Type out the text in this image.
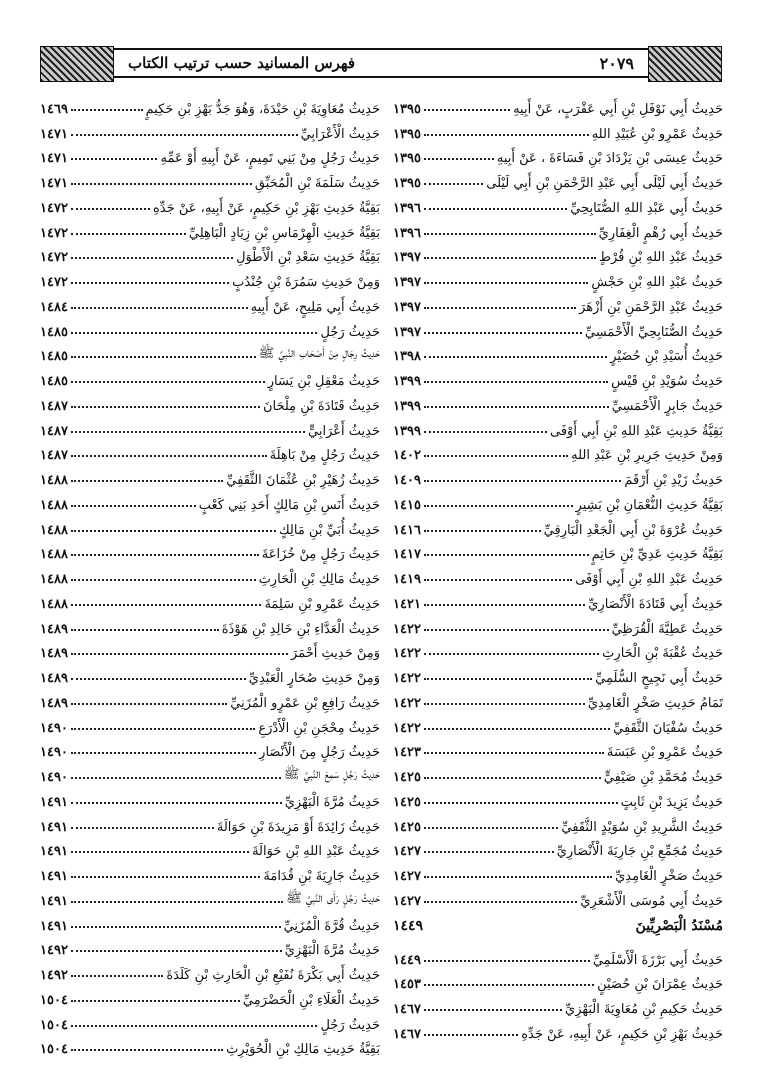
فهرس المسانيد حسب ترتيب الكتاب	٢٠٧٩
حَدِيثُ أَبِي نَوْفَلِ بْنِ أَبِي عَقْرَبٍ، عَنْ أَبِيهِ
١٣٩٥
حَدِيثُ عَمْرِو بْنِ عُبَيْدِ اللهِ
١٣٩٥
حَدِيثُ عِيسَى بْنِ يَزْدَادَ بْنِ فَسَاءَةَ ، عَنْ أَبِيهِ
١٣٩٥
حَدِيثُ أَبِي لَيْلَى أَبِي عَبْدِ الرَّحْمَنِ بْنِ أَبِي لَيْلَى
١٣٩٥
حَدِيثُ أَبِي عَبْدِ اللهِ الصُّنَابِحِيِّ
١٣٩٦
حَدِيثُ أَبِي رُهْمٍ الْغِفَارِيِّ
١٣٩٦
حَدِيثُ عَبْدِ اللهِ بْنِ قُرْطٍ
١٣٩٧
حَدِيثُ عَبْدِ اللهِ بْنِ حَجْشٍ
١٣٩٧
حَدِيثُ عَبْدِ الرَّحْمَنِ بْنِ أَزْهَرَ
١٣٩٧
حَدِيثُ الصُّنَابِحِيِّ الْأَحْمَسِيِّ
١٣٩٧
حَدِيثُ أُسَيْدِ بْنِ حُضَيْرٍ
١٣٩٨
حَدِيثُ سُوَيْدِ بْنِ قَيْسٍ
١٣٩٩
حَدِيثُ جَابِرٍ الْأَحْمَسِيِّ
١٣٩٩
بَقِيَّةُ حَدِيثِ عَبْدِ اللهِ بْنِ أَبِي أَوْفَى
١٣٩٩
وَمِنْ حَدِيثِ جَرِيرِ بْنِ عَبْدِ اللهِ
١٤٠٢
حَدِيثُ زَيْدِ بْنِ أَرْقَمَ
١٤٠٩
بَقِيَّةُ حَدِيثِ النُّعْمَانِ بْنِ بَشِيرٍ
١٤١٥
حَدِيثُ عُرْوَةَ بْنِ أَبِي الْجَعْدِ الْبَارِقِيِّ
١٤١٦
بَقِيَّةُ حَدِيثِ عَدِيِّ بْنِ حَاتِمٍ
١٤١٧
حَدِيثُ عَبْدِ اللهِ بْنِ أَبِي أَوْفَى
١٤١٩
حَدِيثُ أَبِي قَتَادَةَ الْأَنْصَارِيِّ
١٤٢١
حَدِيثُ عَطِيَّةَ الْقُرَظِيِّ
١٤٢٢
حَدِيثُ عُقْبَةَ بْنِ الْحَارِثِ
١٤٢٢
حَدِيثُ أَبِي نَجِيحٍ السُّلَمِيِّ
١٤٢٢
تَمَامُ حَدِيثِ صَخْرٍ الْغَامِدِيِّ
١٤٢٢
حَدِيثُ سُفْيَانَ الثَّقَفِيِّ
١٤٢٢
حَدِيثُ عَمْرِو بْنِ عَبَسَةَ
١٤٢٣
حَدِيثُ مُحَمَّدِ بْنِ صَيْفِيٍّ
١٤٢٥
حَدِيثُ يَزِيدَ بْنِ ثَابِتٍ
١٤٢٥
حَدِيثُ الشَّرِيدِ بْنِ سُوَيْدٍ الثَّقَفِيِّ
١٤٢٥
حَدِيثُ مُجَمِّعِ بْنِ جَارِيَةَ الْأَنْصَارِيِّ
١٤٢٧
حَدِيثُ صَخْرٍ الْغَامِدِيِّ
١٤٢٧
حَدِيثُ أَبِي مُوسَى الْأَشْعَرِيِّ
١٤٢٧
مُسْنَدُ الْبَصْرِيِّينَ
١٤٤٩
حَدِيثُ أَبِي بَرْزَةَ الْأَسْلَمِيِّ
١٤٤٩
حَدِيثُ عِمْرَانَ بْنِ حُصَيْنٍ
١٤٥٣
حَدِيثُ حَكِيمِ بْنِ مُعَاوِيَةَ الْبَهْزِيِّ
١٤٦٧
حَدِيثُ بَهْزِ بْنِ حَكِيمٍ، عَنْ أَبِيهِ، عَنْ جَدِّهِ
١٤٦٧
حَدِيثُ مُعَاوِيَةَ بْنِ حَيْدَةَ، وَهُوَ جَدُّ بَهْزِ بْنِ حَكِيمٍ
١٤٦٩
حَدِيثُ الْأَعْرَابِيِّ
١٤٧١
حَدِيثُ رَجُلٍ مِنْ بَنِي تَمِيمٍ، عَنْ أَبِيهِ أَوْ عَمِّهِ
١٤٧١
حَدِيثُ سَلَمَةَ بْنِ الْمُحَبِّقِ
١٤٧١
بَقِيَّةُ حَدِيثِ بَهْزِ بْنِ حَكِيمٍ، عَنْ أَبِيهِ، عَنْ جَدِّهِ
١٤٧٢
بَقِيَّةُ حَدِيثِ الْهِرْمَاسِ بْنِ زِيَادٍ الْبَاهِلِيِّ
١٤٧٢
بَقِيَّةُ حَدِيثِ سَعْدِ بْنِ الْأَطْوَلِ
١٤٧٢
وَمِنْ حَدِيثِ سَمُرَةَ بْنِ جُنْدُبٍ
١٤٧٢
حَدِيثُ أَبِي مَلِيحٍ، عَنْ أَبِيهِ
١٤٨٤
حَدِيثُ رَجُلٍ
١٤٨٥
حَدِيثُ رِجَالٍ مِنْ أَصْحَابِ النَّبِيِّ ﷺ
١٤٨٥
حَدِيثُ مَعْقِلِ بْنِ يَسَارٍ
١٤٨٥
حَدِيثُ قَتَادَةَ بْنِ مِلْحَانَ
١٤٨٧
حَدِيثُ أَعْرَابِيٍّ
١٤٨٧
حَدِيثُ رَجُلٍ مِنْ بَاهِلَةَ
١٤٨٧
حَدِيثُ زُهَيْرِ بْنِ عُثْمَانَ الثَّقَفِيِّ
١٤٨٨
حَدِيثُ أَنَسِ بْنِ مَالِكٍ أَحَدِ بَنِي كَعْبٍ
١٤٨٨
حَدِيثُ أُبَيِّ بْنِ مَالِكٍ
١٤٨٨
حَدِيثُ رَجُلٍ مِنْ خُزَاعَةَ
١٤٨٨
حَدِيثُ مَالِكِ بْنِ الْحَارِثِ
١٤٨٨
حَدِيثُ عَمْرِو بْنِ سَلِمَةَ
١٤٨٨
حَدِيثُ الْعَدَّاءِ بْنِ خَالِدِ بْنِ هَوْذَةَ
١٤٨٩
وَمِنْ حَدِيثِ أَحْمَرَ
١٤٨٩
وَمِنْ حَدِيثِ صُحَارٍ الْعَبْدِيِّ
١٤٨٩
حَدِيثُ رَافِعِ بْنِ عَمْرٍو الْمُزَنِيِّ
١٤٨٩
حَدِيثُ مِحْجَنِ بْنِ الْأَدْرَعِ
١٤٩٠
حَدِيثُ رَجُلٍ مِنَ الْأَنْصَارِ
١٤٩٠
حَدِيثُ رَجُلٍ سَمِعَ النَّبِيَّ ﷺ
١٤٩٠
حَدِيثُ مُرَّةَ الْبَهْزِيِّ
١٤٩١
حَدِيثُ زَائِدَةَ أَوْ مَزِيدَةَ بْنِ حَوَالَةَ
١٤٩١
حَدِيثُ عَبْدِ اللهِ بْنِ حَوَالَةَ
١٤٩١
حَدِيثُ جَارِيَةَ بْنِ قُدَامَةَ
١٤٩١
حَدِيثُ رَجُلٍ رَأَى النَّبِيَّ ﷺ
١٤٩١
حَدِيثُ قُرَّةَ الْمُزَنِيِّ
١٤٩١
حَدِيثُ مُرَّةَ الْبَهْزِيِّ
١٤٩٢
حَدِيثُ أَبِي بَكْرَةَ نُفَيْعِ بْنِ الْحَارِثِ بْنِ كَلَدَةَ
١٤٩٢
حَدِيثُ الْعَلَاءِ بْنِ الْحَضْرَمِيِّ
١٥٠٤
حَدِيثُ رَجُلٍ
١٥٠٤
بَقِيَّةُ حَدِيثِ مَالِكِ بْنِ الْحُوَيْرِثِ
١٥٠٤
